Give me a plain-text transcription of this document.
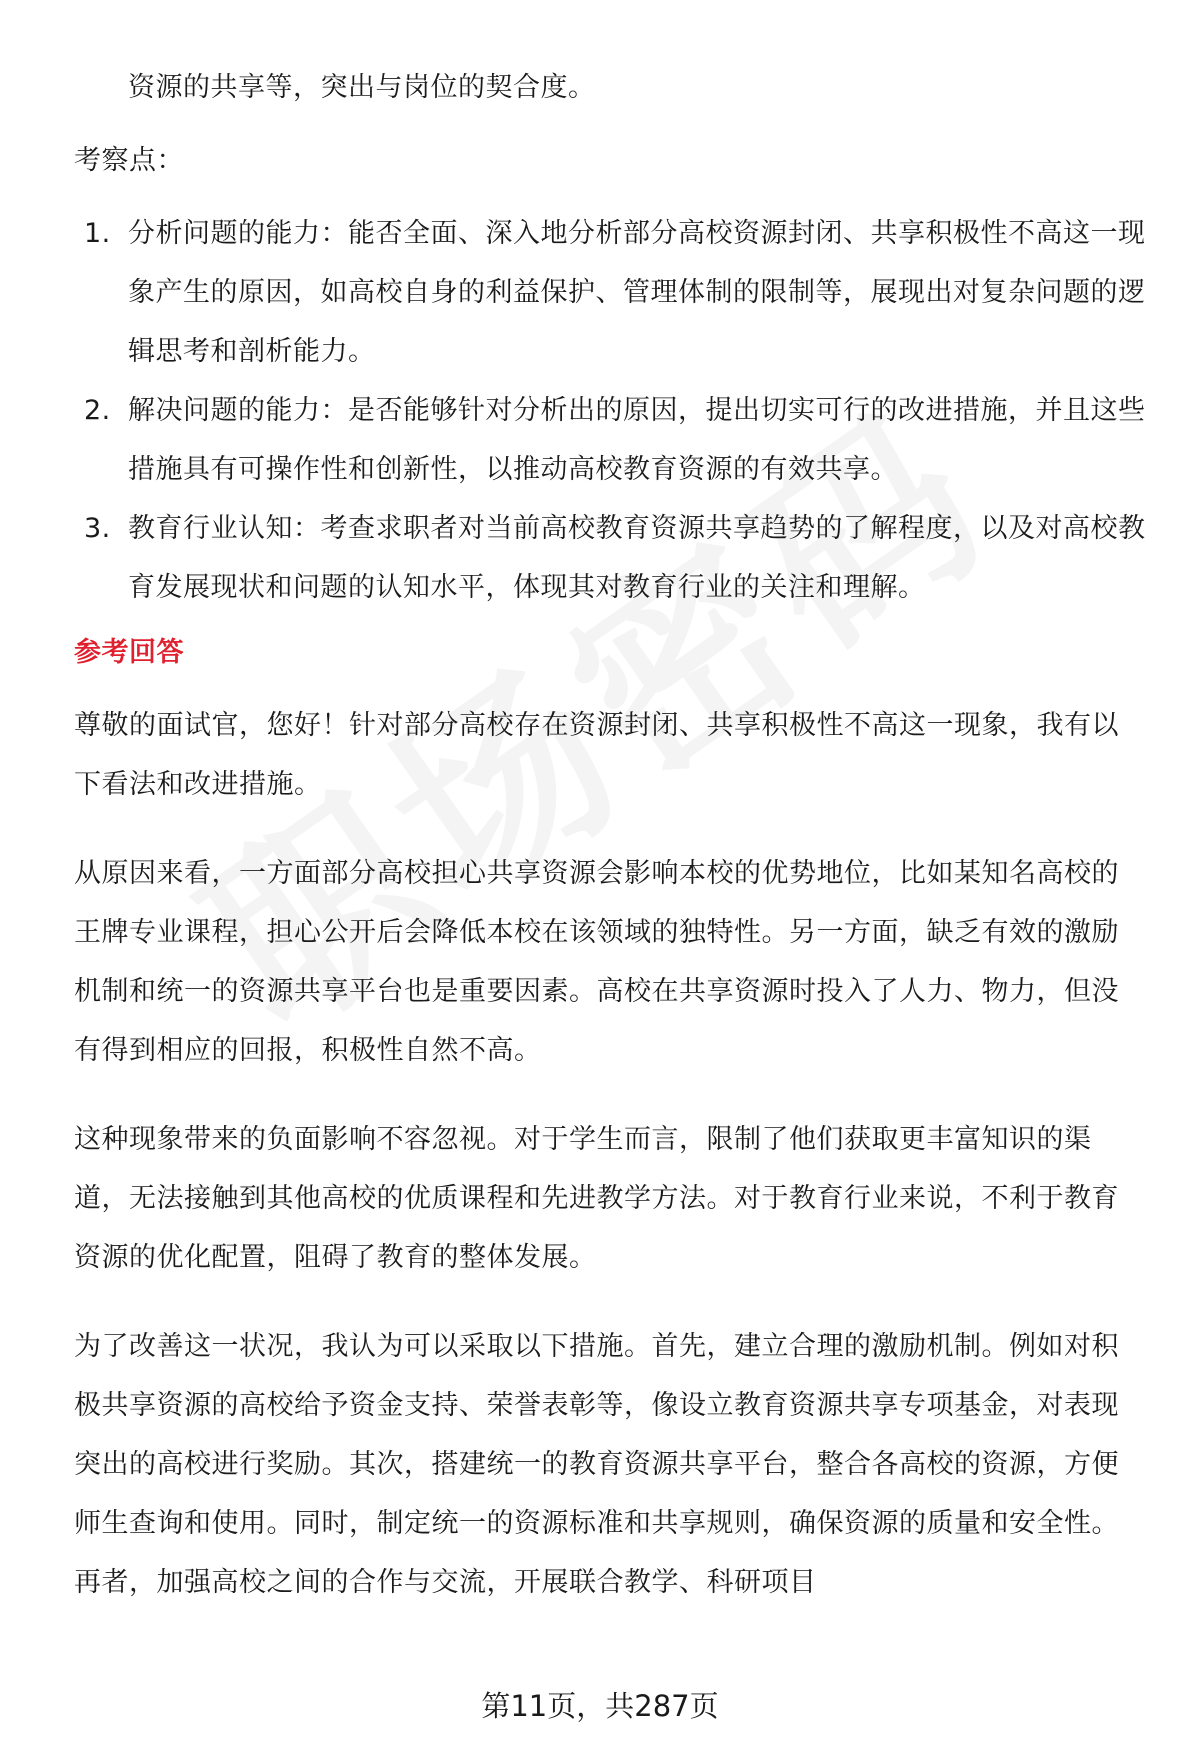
资源的共享等，突出与岗位的契合度。
考察点：
1. 分析问题的能力：能否全面、深入地分析部分高校资源封闭、共享积极性不高这一现象产生的原因，如高校自身的利益保护、管理体制的限制等，展现出对复杂问题的逻辑思考和剖析能力。
2. 解决问题的能力：是否能够针对分析出的原因，提出切实可行的改进措施，并且这些措施具有可操作性和创新性，以推动高校教育资源的有效共享。
3. 教育行业认知：考查求职者对当前高校教育资源共享趋势的了解程度，以及对高校教育发展现状和问题的认知水平，体现其对教育行业的关注和理解。
参考回答
尊敬的面试官，您好！针对部分高校存在资源封闭、共享积极性不高这一现象，我有以下看法和改进措施。
从原因来看，一方面部分高校担心共享资源会影响本校的优势地位，比如某知名高校的王牌专业课程，担心公开后会降低本校在该领域的独特性。另一方面，缺乏有效的激励机制和统一的资源共享平台也是重要因素。高校在共享资源时投入了人力、物力，但没有得到相应的回报，积极性自然不高。
这种现象带来的负面影响不容忽视。对于学生而言，限制了他们获取更丰富知识的渠道，无法接触到其他高校的优质课程和先进教学方法。对于教育行业来说，不利于教育资源的优化配置，阻碍了教育的整体发展。
为了改善这一状况，我认为可以采取以下措施。首先，建立合理的激励机制。例如对积极共享资源的高校给予资金支持、荣誉表彰等，像设立教育资源共享专项基金，对表现突出的高校进行奖励。其次，搭建统一的教育资源共享平台，整合各高校的资源，方便师生查询和使用。同时，制定统一的资源标准和共享规则，确保资源的质量和安全性。再者，加强高校之间的合作与交流，开展联合教学、科研项目
第11页，共287页
